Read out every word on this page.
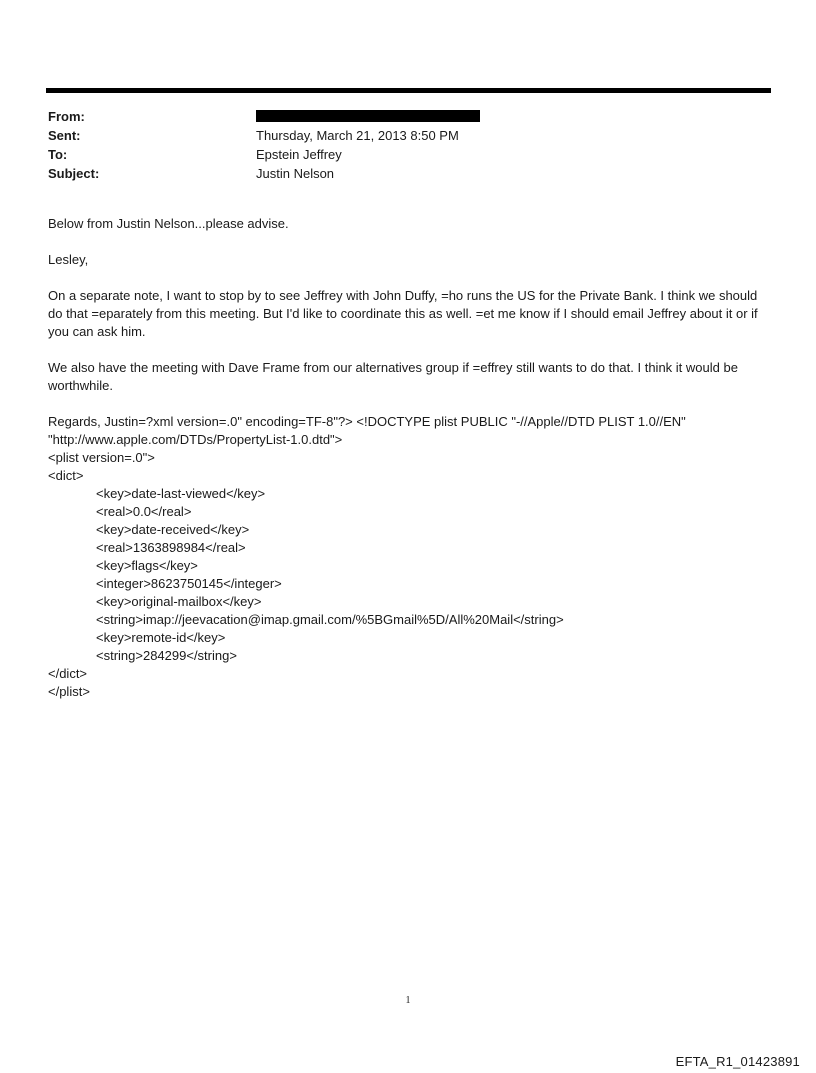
From:
Sent:	Thursday, March 21, 2013 8:50 PM
To:	Epstein Jeffrey
Subject:	Justin Nelson

Below from Justin Nelson...please advise.

Lesley,

On a separate note, I want to stop by to see Jeffrey with John Duffy, =ho runs the US for the Private Bank. I think we should do that =eparately from this meeting. But I'd like to coordinate this as well. =et me know if I should email Jeffrey about it or if you can ask him.

We also have the meeting with Dave Frame from our alternatives group if =effrey still wants to do that. I think it would be worthwhile.

Regards, Justin=?xml version=.0" encoding=TF-8"?> <!DOCTYPE plist PUBLIC "-//Apple//DTD PLIST 1.0//EN"
"http://www.apple.com/DTDs/PropertyList-1.0.dtd">
<plist version=.0">
<dict>
<key>date-last-viewed</key>
<real>0.0</real>
<key>date-received</key>
<real>1363898984</real>
<key>flags</key>
<integer>8623750145</integer>
<key>original-mailbox</key>
<string>imap://jeevacation@imap.gmail.com/%5BGmail%5D/All%20Mail</string>
<key>remote-id</key>
<string>284299</string>
</dict>
</plist>
1
EFTA_R1_01423891
